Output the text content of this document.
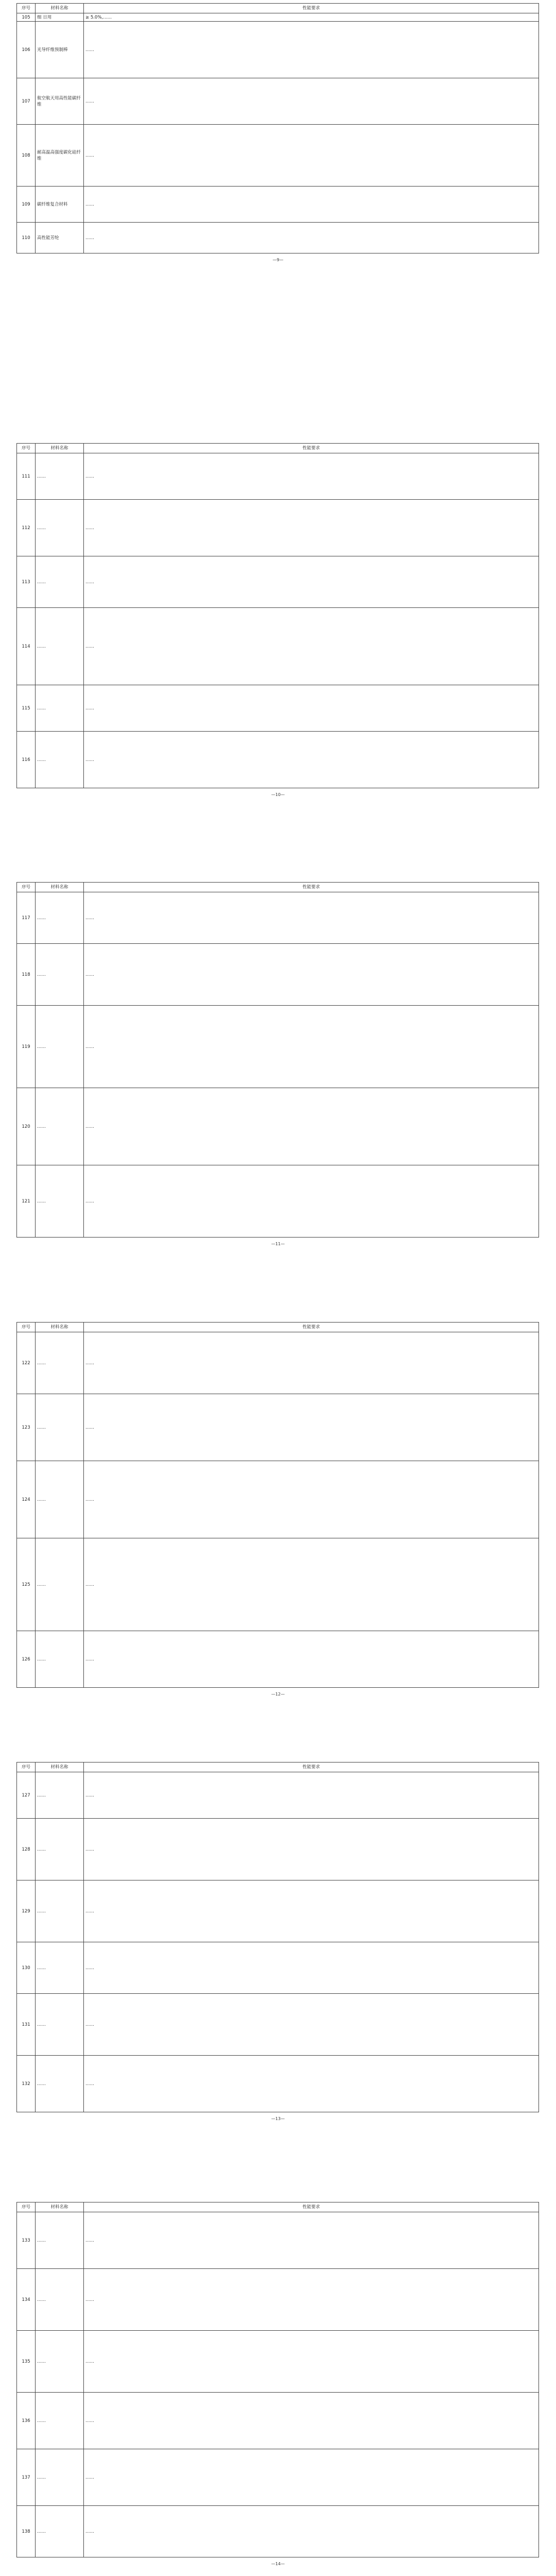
序号	材料名称	性能要求
105	细 日用	≥ 5.0%,……
106	光导纤维预制棒	……
107	航空航天用高性能碳纤维	……
108	耐高温高强度碳化硅纤维	……
109	碳纤维复合材料	……
110	高性能芳纶	……
—9—
序号	材料名称	性能要求
111	……	……
112	……	……
113	……	……
114	……	……
115	……	……
116	……	……
—10—
序号	材料名称	性能要求
117	……	……
118	……	……
119	……	……
120	……	……
121	……	……
—11—
序号	材料名称	性能要求
122	……	……
123	……	……
124	……	……
125	……	……
126	……	……
—12—
序号	材料名称	性能要求
127	……	……
128	……	……
129	……	……
130	……	……
131	……	……
132	……	……
—13—
序号	材料名称	性能要求
133	……	……
134	……	……
135	……	……
136	……	……
137	……	……
138	……	……
—14—
